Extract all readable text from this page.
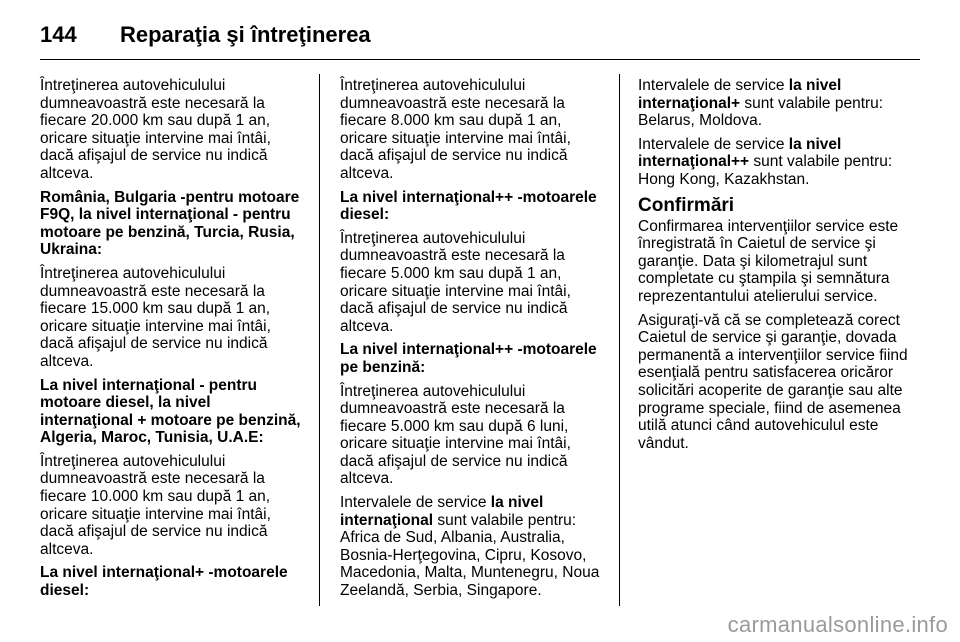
144 Reparaţia şi întreţinerea

Întreţinerea autovehiculului dumneavoastră este necesară la fiecare 20.000 km sau după 1 an, oricare situaţie intervine mai întâi, dacă afişajul de service nu indică altceva.

România, Bulgaria -pentru motoare F9Q, la nivel internaţional - pentru motoare pe benzină, Turcia, Rusia, Ukraina:

Întreţinerea autovehiculului dumneavoastră este necesară la fiecare 15.000 km sau după 1 an, oricare situaţie intervine mai întâi, dacă afişajul de service nu indică altceva.

La nivel internaţional - pentru motoare diesel, la nivel internaţional + motoare pe benzină, Algeria, Maroc, Tunisia, U.A.E:

Întreţinerea autovehiculului dumneavoastră este necesară la fiecare 10.000 km sau după 1 an, oricare situaţie intervine mai întâi, dacă afişajul de service nu indică altceva.

La nivel internaţional+ -motoarele diesel:

Întreţinerea autovehiculului dumneavoastră este necesară la fiecare 8.000 km sau după 1 an, oricare situaţie intervine mai întâi, dacă afişajul de service nu indică altceva.

La nivel internaţional++ -motoarele diesel:

Întreţinerea autovehiculului dumneavoastră este necesară la fiecare 5.000 km sau după 1 an, oricare situaţie intervine mai întâi, dacă afişajul de service nu indică altceva.

La nivel internaţional++ -motoarele pe benzină:

Întreţinerea autovehiculului dumneavoastră este necesară la fiecare 5.000 km sau după 6 luni, oricare situaţie intervine mai întâi, dacă afişajul de service nu indică altceva.

Intervalele de service la nivel internaţional sunt valabile pentru: Africa de Sud, Albania, Australia, Bosnia-Herţegovina, Cipru, Kosovo, Macedonia, Malta, Muntenegru, Noua Zeelandă, Serbia, Singapore.

Intervalele de service la nivel internaţional+ sunt valabile pentru: Belarus, Moldova.

Intervalele de service la nivel internaţional++ sunt valabile pentru: Hong Kong, Kazakhstan.

Confirmări

Confirmarea intervenţiilor service este înregistrată în Caietul de service şi garanţie. Data şi kilometrajul sunt completate cu ştampila şi semnătura reprezentantului atelierului service.

Asiguraţi-vă că se completează corect Caietul de service şi garanţie, dovada permanentă a intervenţiilor service fiind esenţială pentru satisfacerea oricăror solicitări acoperite de garanţie sau alte programe speciale, fiind de asemenea utilă atunci când autovehiculul este vândut.

carmanualsonline.info
